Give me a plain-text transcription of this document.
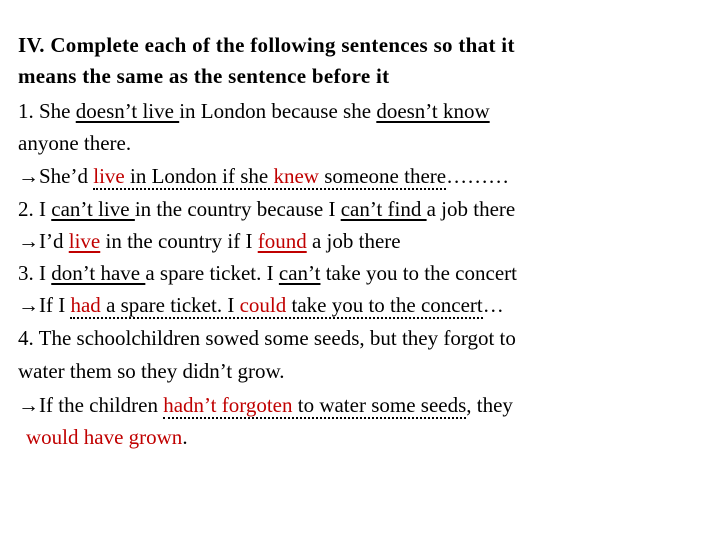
IV. Complete each of the following sentences so that it
means the same as the sentence before it
1. She doesn’t live in London because she doesn’t know
anyone there.
→She’d live in London if she knew someone there………
2. I can’t live in the country because I can’t find a job there
→I’d live in the country if I found a job there
3. I don’t have a spare ticket. I can’t take you to the concert
→If I had a spare ticket. I could take you to the concert…
4. The schoolchildren sowed some seeds, but they forgot to
water them so they didn’t grow.
→If the children hadn’t forgoten to water some seeds, they
would have grown.
